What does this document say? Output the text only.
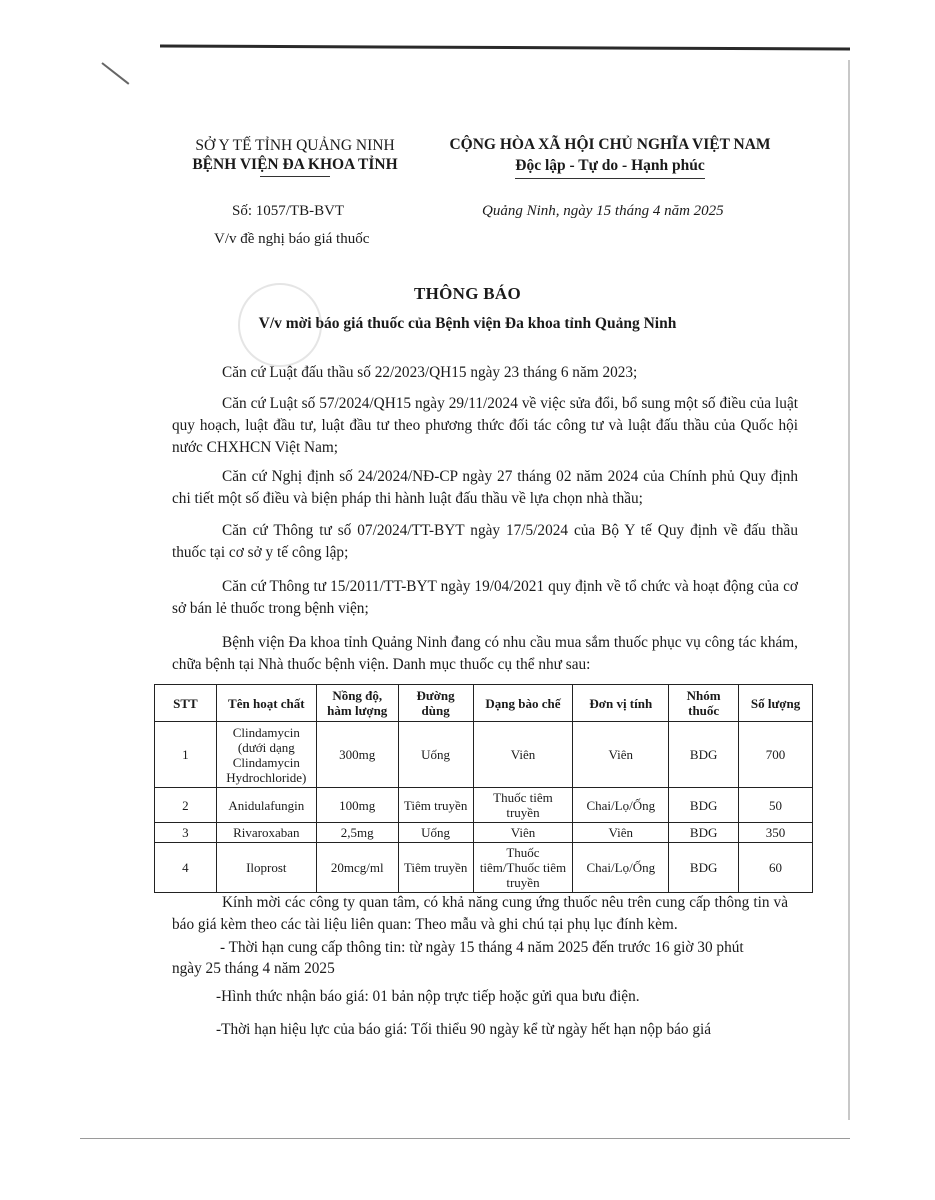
SỞ Y TẾ TỈNH QUẢNG NINH
BỆNH VIỆN ĐA KHOA TỈNH
CỘNG HÒA XÃ HỘI CHỦ NGHĨA VIỆT NAM
Độc lập - Tự do - Hạnh phúc
Số: 1057/TB-BVT
V/v đề nghị báo giá thuốc
Quảng Ninh, ngày 15 tháng 4 năm 2025
THÔNG BÁO
V/v mời báo giá thuốc của Bệnh viện Đa khoa tỉnh Quảng Ninh
Căn cứ Luật đấu thầu số 22/2023/QH15 ngày 23 tháng 6 năm 2023;
Căn cứ Luật số 57/2024/QH15 ngày 29/11/2024 về việc sửa đổi, bổ sung một số điều của luật quy hoạch, luật đầu tư, luật đầu tư theo phương thức đối tác công tư và luật đấu thầu của Quốc hội nước CHXHCN Việt Nam;
Căn cứ Nghị định số 24/2024/NĐ-CP ngày 27 tháng 02 năm 2024 của Chính phủ Quy định chi tiết một số điều và biện pháp thi hành luật đấu thầu về lựa chọn nhà thầu;
Căn cứ Thông tư số 07/2024/TT-BYT ngày 17/5/2024 của Bộ Y tế Quy định về đấu thầu thuốc tại cơ sở y tế công lập;
Căn cứ Thông tư 15/2011/TT-BYT ngày 19/04/2021 quy định về tổ chức và hoạt động của cơ sở bán lẻ thuốc trong bệnh viện;
Bệnh viện Đa khoa tỉnh Quảng Ninh đang có nhu cầu mua sắm thuốc phục vụ công tác khám, chữa bệnh tại Nhà thuốc bệnh viện. Danh mục thuốc cụ thể như sau:
STT	Tên hoạt chất	Nồng độ, hàm lượng	Đường dùng	Dạng bào chế	Đơn vị tính	Nhóm thuốc	Số lượng
1	Clindamycin (dưới dạng Clindamycin Hydrochloride)	300mg	Uống	Viên	Viên	BDG	700
2	Anidulafungin	100mg	Tiêm truyền	Thuốc tiêm truyền	Chai/Lọ/Ống	BDG	50
3	Rivaroxaban	2,5mg	Uống	Viên	Viên	BDG	350
4	Iloprost	20mcg/ml	Tiêm truyền	Thuốc tiêm/Thuốc tiêm truyền	Chai/Lọ/Ống	BDG	60
Kính mời các công ty quan tâm, có khả năng cung ứng thuốc nêu trên cung cấp thông tin và báo giá kèm theo các tài liệu liên quan: Theo mẫu và ghi chú tại phụ lục đính kèm.
- Thời hạn cung cấp thông tin: từ ngày 15 tháng 4 năm 2025 đến trước 16 giờ 30 phút
ngày 25 tháng 4 năm 2025
-Hình thức nhận báo giá: 01 bản nộp trực tiếp hoặc gửi qua bưu điện.
-Thời hạn hiệu lực của báo giá: Tối thiểu 90 ngày kể từ ngày hết hạn nộp báo giá
